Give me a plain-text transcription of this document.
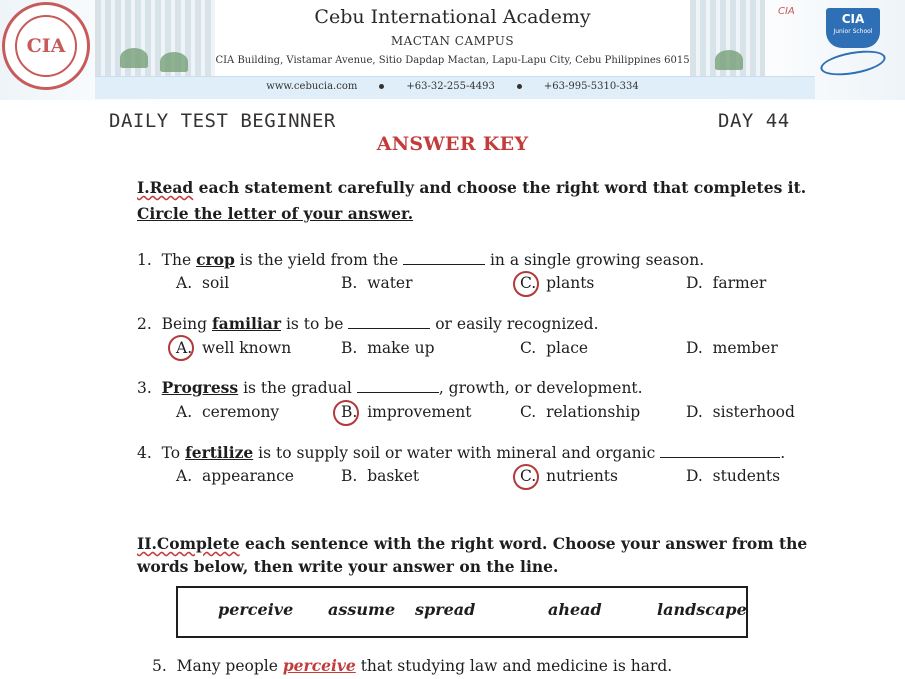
CIA
Cebu International Academy
MACTAN CAMPUS
CIA Building, Vistamar Avenue, Sitio Dapdap Mactan, Lapu-Lapu City, Cebu Philippines 6015
www.cebucia.com	+63-32-255-4493	+63-995-5310-334
CIA
CIA
Junior School
DAILY TEST BEGINNER	DAY 44
ANSWER KEY
I.Read each statement carefully and choose the right word that completes it.
Circle the letter of your answer.
1. The crop is the yield from the	in a single growing season.
A. soil	B. water	C. plants	D. farmer
2. Being familiar is to be	or easily recognized.
A. well known	B. make up	C. place	D. member
3. Progress is the gradual	, growth, or development.
A. ceremony	B. improvement	C. relationship	D. sisterhood
4. To fertilize is to supply soil or water with mineral and organic	.
A. appearance	B. basket	C. nutrients	D. students
II.Complete each sentence with the right word. Choose your answer from the
words below, then write your answer on the line.
perceive assume spread	ahead	landscape
5. Many people perceive that studying law and medicine is hard.
